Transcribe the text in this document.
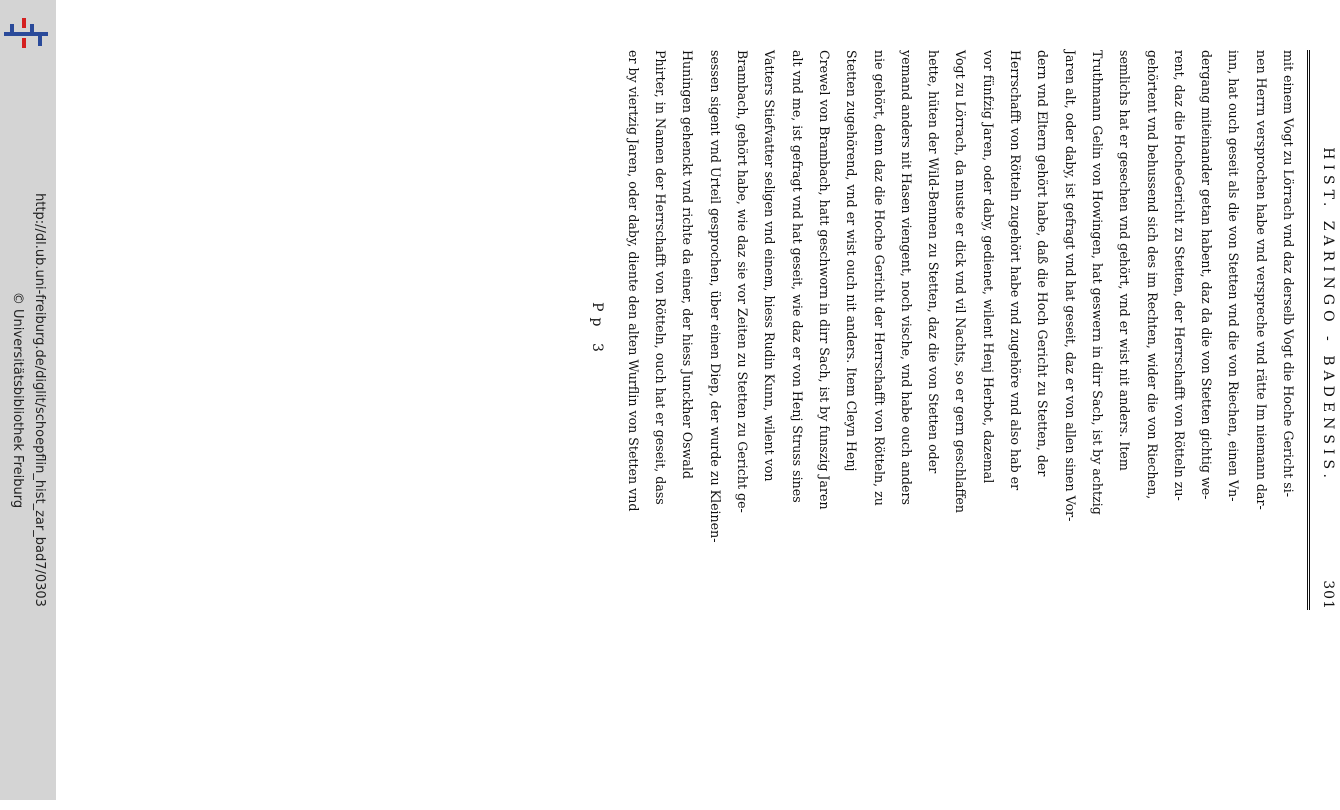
http://dl.ub.uni-freiburg.de/diglit/schoepflin_hist_zar_bad7/0303
© Universitätsbibliothek Freiburg	HIST. ZARINGO - BADENSIS.
301

mit einem Vogt zu Lörrach vnd daz derselb Vogt die Hoche Gericht si-

nen Herrn versprochen habe vnd verspreche vnd rätte Im niemann dar-

inn, hat ouch geseit als die von Stetten vnd die von Riechen, einen Vn-

dergang miteinander getan habent, daz da die von Stetten gichtig we-

rent, daz die HocheGericht zu Stetten, der Herrschafft von Rötteln zu-

gehörtent vnd behussend sich des im Rechten, wider die von Riechen,

semlichs hat er gesechen vnd gehört, vnd er wist nit anders. Item

Truthmann Gelin von Howingen, hat geswern in dirr Sach, ist by achtzig

Jaren alt, oder daby, ist gefragt vnd hat geseit, daz er von allen sinen Vor-

dern vnd Eltern gehört habe, daß die Hoch Gericht zu Stetten, der

Herrschafft von Rötteln zugehört habe vnd zugehöre vnd also hab er

vor fünfzig Jaren, oder daby, gedienet, wilent Henj Herbot, dazemal

Vogt zu Lörrach, da muste er dick vnd vil Nachts, so er gern geschlaffen

hette, hüten der Wild-Bennen zu Stetten, daz die von Stetten oder

yemand anders nit Hasen viengent, noch vische, vnd habe ouch anders

nie gehört, denn daz die Hoche Gericht der Herrschafft von Rötteln, zu

Stetten zugehörend, vnd er wist ouch nit anders. Item Cleyn Henj

Crewel von Brambach, hatt geschworn in dirr Sach, ist by funszig Jaren

alt vnd me, ist gefragt vnd hat geseit, wie daz er von Henj Struss sines

Vatters Stiefvatter seligen vnd einem, hiess Rudin Kunn, wilent von

Brambach, gehört habe, wie daz sie vor Zeiten zu Stetten zu Gericht ge-

sessen sigent vnd Urteil gesprochen, über einen Diep, der wurde zu Kleinen-

Huningen gehenckt vnd richte da einer, der hiess Junckher Oswald

Phirter, in Namen der Herrschafft von Rötteln, ouch hat er geseit, dass

er by viertzig Jaren, oder daby, diente den alten Wurflin von Stetten vnd

Pp 3
